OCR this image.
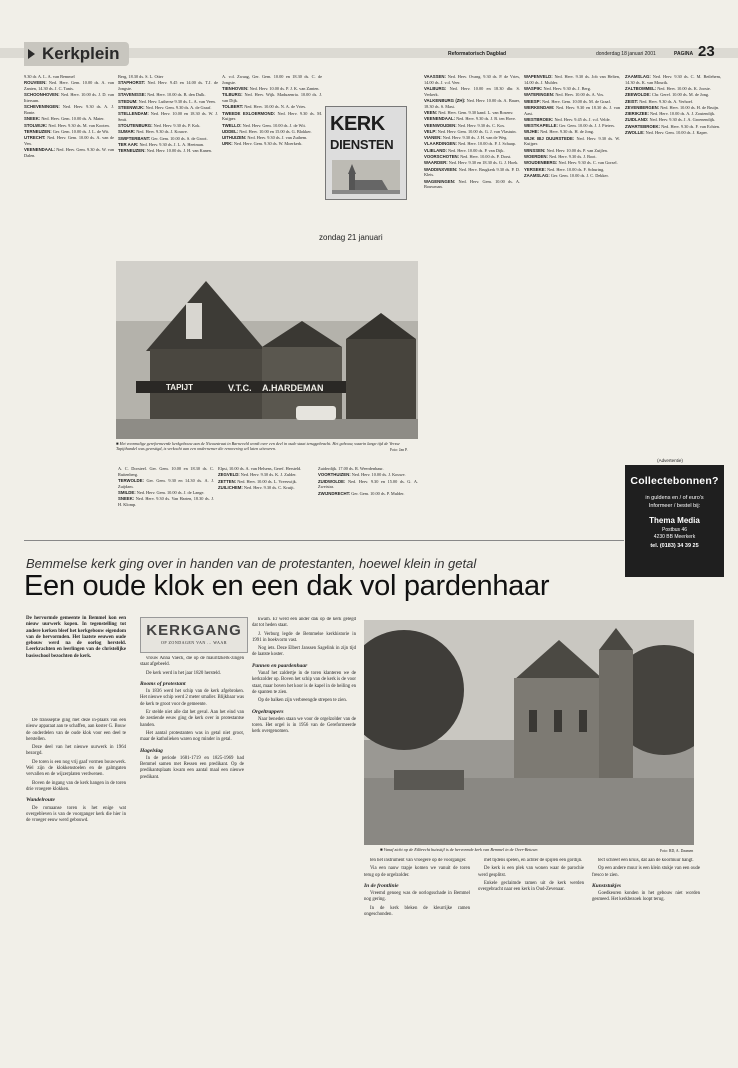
Kerkplein	Reformatorisch Dagblad	donderdag 18 januari 2001	PAGINA 23

9.30 dr. A. L. A. van Bemmel

ROUVEEN: Ned. Herv. Gem. 10.00 ds. A. van Zanten, 14.30 ds. J. C. Tanis.

SCHOONHOVEN: Ned. Herv. 10.00 ds. J. D. van Ittersum.

SCHEVENINGEN: Ned. Herv. 9.30 ds. A. J. Bonte.

SNEEK: Ned. Herv. Gem. 10.00 ds. A. Mater.

STOLWIJK: Ned. Herv. 9.30 ds. M. van Kooten.

TERNEUZEN: Ger. Gem. 10.00 ds. J. L. de Wit.

UTRECHT: Ned. Herv. Gem. 10.00 ds. A. van de Ven.

VEENENDAAL: Ned. Herv. Gem. 9.30 ds. W. van Dalen.

Berg, 18.30 ds. S. L. Otter

STAPHORST: Ned. Herv. 9.45 en 14.00 ds. T.J. de Jongste.

STAVENISSE: Ned. Herv. 10.00 ds. B. den Dulk.

STEDUM: Ned. Herv. Lutherse 9.30 ds. L. A. van Veen.

STEENWIJK: Ned. Herv. Gem. 9.30 ds. A. de Graaf.

STELLENDAM: Ned. Herv. 10.00 en 18.30 ds. W. J. Smit.

STOUTENBURG: Ned. Herv. 9.30 ds. P. Kok.

SUMAR: Ned. Herv. 9.30 ds. J. Kouwe.

SWIFTERBANT: Ger. Gem. 10.00 ds. S. de Groot.

TER AAR: Ned. Herv. 9.30 ds. J. L. A. Heetman.

TERNEUZEN: Ned. Herv. 10.00 ds. J. H. van Kanen.

A. v.d. Zwaag, Ger. Gem. 10.00 en 18.30 ds. C. de Jongste.

TIENHOVEN: Ned. Herv. 10.00 ds. P. J. K. van Zanten.

TILBURG: Ned. Herv. Wijk. Maduzenria. 10.00 ds. J. van Dijk.

TOLBERT: Ned. Herv. 10.00 ds. N. A. de Vries.

TWEEDE EXLOERMOND: Ned. Herv. 9.30 ds. M. Kuijper.

TWELLO: Ned. Herv. Gem. 10.00 ds. J. de Wit.

UDDEL: Ned. Herv. 10.00 en 15.00 ds. G. Blokker.

UITHUIZEN: Ned. Herv. 9.30 ds. J. van Zuthem.

URK: Ned. Herv. Gem. 9.30 ds. W. Moerkerk.

VAASSEN: Ned. Herv. Ovang. 9.30 ds. P. de Vries, 14.00 ds. J. v.d. Veer.

VALBURG: Ned. Herv. 10.00 en 18.30 dhr. S. Verkerk.

VALKENBURG (ZH): Ned. Herv. 10.00 ds. A. Bauer, 18.30 ds. S. Mast.

VEEN: Ned. Herv. Gem. 9.30 kand. L. van Rosenv.

VEENENDAAL: Ned. Herv. 9.30 ds. J. B. ten Hove.

VEENWOUDEN: Ned. Herv. 9.30 ds. C. Kos.

VELP: Ned. Herv. Gem. 10.00 ds. G. J. van Vlastuin.

VIANEN: Ned. Herv. 9.30 ds. J. H. van de Weg.

VLAARDINGEN: Ned. Herv. 10.00 ds. P. J. Schaap.

VLIELAND: Ned. Herv. 10.00 ds. P. van Dijk.

VOORSCHOTEN: Ned. Herv. 10.00 ds. P. Dorst.

WAARDER: Ned. Herv. 9.30 en 18.30 ds. G. J. Hoek.

WADDINXVEEN: Ned. Herv. Brugkerk 9.30 ds. P. D. Kleis.

WAGENINGEN: Ned. Herv. Gem. 10.00 ds. A. Bouwman.

WAPENVELD: Ned. Herv. 9.30 ds. Job van Helten, 14.00 ds. J. Mulder.

WASPIK: Ned. Herv. 9.30 ds. J. Berg.

WATERINGEN: Ned. Herv. 10.00 ds. A. Vos.

WEESP: Ned. Herv. Gem. 10.00 ds. M. de Graaf.

WERKENDAM: Ned. Herv. 9.30 en 18.30 ds. J. van Aast.

WESTBROEK: Ned. Herv. 9.45 ds. J. v.d. Velde.

WESTKAPELLE: Ger. Gem. 10.00 ds. J. J. Pieters.

WIJHE: Ned. Herv. 9.30 ds. H. de Jong.

WIJK BIJ DUURSTEDE: Ned. Herv. 9.30 ds. W. Kuijper.

WINSSEN: Ned. Herv. 10.00 ds. P. van Zuijlen.

WOERDEN: Ned. Herv. 9.30 ds. J. Boot.

WOUDENBERG: Ned. Herv. 9.30 ds. C. van Gorsel.

YERSEKE: Ned. Herv. 10.00 ds. F. Schuring.

ZAAMSLAG: Ger. Gem. 10.00 ds. J. C. Dekker.

ZAAMSLAG: Ned. Herv. 9.30 ds. C. M. Betlehem, 14.30 ds. K. van Mourik.

ZALTBOMMEL: Ned. Herv. 10.00 ds. K. Jooste.

ZEEWOLDE: Chr. Geref. 10.00 ds. M. de Jong.

ZEIST: Ned. Herv. 9.30 ds. A. Verhoef.

ZEVENBERGEN: Ned. Herv. 10.00 ds. H. de Bruijn.

ZIERIKZEE: Ned. Herv. 10.00 ds. A. J. Zoutendijk.

ZUIDLAND: Ned. Herv. 9.30 ds. J. A. Groenendijk.

ZWARTEBROEK: Ned. Herv. 9.30 ds. F. van Echten.

ZWOLLE: Ned. Herv. Gem. 10.00 ds. J. Kaper.

A. C. Dorsteel. Ger. Gem. 10.00 en 18.30 ds. C. Ruitenberg.

TERWOLDE: Ger. Gem. 9.30 en 14.30 ds. A. J. Zuijdam.

SMILDE: Ned. Herv. Gem. 10.00 ds. J. de Lange.

SNEEK: Ned. Herv. 9.30 ds. Van Harten, 18.30 ds. J. H. Klomp.

Elpsi, 10.00 ds. A. van Helsens, Geref. Hersteld.

ZEGVELD: Ned. Herv. 9.30 ds. K. J. Zulder.

ZETTEN: Ned. Herv. 10.00 ds. L. Vreeswijk.

ZUILICHEM: Ned. Herv. 9.30 ds. C. Kruijt.

Zuiderdijk. 17.00 ds. R. Weerdenbaur.

VOORTHUIZEN: Ned. Herv. 10.00 ds. J. Kouwe.

ZUIDWOLDE: Ned. Herv. 9.30 en 15.00 ds. G. A. Zweistra.

ZWIJNDRECHT: Ger. Gem. 10.00 ds. P. Mulder.

KERK
DIENSTEN
zondag 21 januari
TAPIJT	V.T.C. A.HARDEMAN
■ Het voormalige gereformeerde kerkgebouw aan de Nieuwstraat in Barneveld wordt over een deel in oude staat teruggebracht. Het gebouw, waarin lange tijd de Versse Tapijthandel was gevestigd, is verkocht aan een ondernemer die renovering wil laten uitvoeren.	Foto: Jan P.
(Advertentie)
Collectebonnen?
in guldens en / of euro's
Informeer / bestel bij:
Thema Media
Postbus 46
4230 BB Meerkerk
tel. (0183) 34 39 25
Bemmelse kerk ging over in handen van de protestanten, hoewel klein in getal
Een oude klok en een dak vol pardenhaar

De hervormde gemeente in Bemmel kon een nieuw uurwerk kopen. In tegenstelling tot andere kerken bleef het kerkgebouw eigendom van de hervormden. Het laatste eeuwen oude gebouw werd na de oorlog hersteld. Leerkrachten en leerlingen van de christelijke basisschool bezochten de kerk.

De transseptie ging met deze in-plaats van een nieuw apparaat aan te schaffen, aan koster G. Bouw de onderdelen van de oude klok voor een deel te herstellen.

Deze deel van het nieuwe uurwerk in 1964 bezorgd.

De toren is een nog vrij gaaf vormen bouwwerk. Wel zijn de klokkenstoelen en de galmgaten vervallen en de wijzerplaten verdwenen.

Boven de ingang van de kerk hangen in de toren drie vroegere klokken.

Wandelroute

De romaanse toren is het enige wat overgebleven is van de voorganger kerk die hier in de vroeger eeuw werd gebouwd.

KERKGANG
OP ZONDAGEN VAN ... WAAR

vrouw Anna Vaeck, die op de mauritzkerk-zingen staat afgebeeld.

De kerk werd in het jaar 1820 hersteld.

Rooms of protestant

In 1836 werd het schip van de kerk afgebroken. Het nieuwe schip werd 2 meter smaller. Blijkbaar was de kerk te groot voor de gemeente.

Er stelde niet alle dat het geval. Aan het eind van de zestiende eeuw ging de kerk over in protestantse handen.

Het aantal protestanten was in getal niet groot, maar de katholieken waren nog minder in getal.

Hagelslag

In de periode 1681-1719 en 1825-1969 had Bemmel samen met Ressen een predikant. Op de predikantsplaats kwam een aantal maal een nieuwe predikant.

kwam. Er werd een ander dak op de kerk gelegd dat tot heden staat.

J. Verburg legde de Bemmelse kerkhistorie in 1991 in boekvorm vast.

Nog iets. Deze Elbert Janssen Sagelink in zijn tijd de laatste koster.

Pannen en paardenhaar

Vanaf het zaldertje in de toren klanteren we de kerkzolder op. Boven het schip van de kerk is de voor staat, maar boven het koor is de kapel in de heiling en de spanten te zien.

Op de balken zijn verbreengde strepen te zien.

Orgeltrappers

Naar beneden staan we voor de orgelzolder van de toren. Het orgel is in 1956 van de Gereformeerde kerk overgenomen.

■ Vanaf zicht op de Eilbrecht huisstijl is de hervormde kerk van Bemmel in de Over-Betuwe.	Foto: RD, A. Daamen

ten het instrument van vroegere op de voorganger.

Via een nauw trapje komen we vanuit de toren terug op de orgelzolder.

In de frontlinie

Vreemd genoeg was de oorlogsschade in Bemmel nog gering.

In de kerk bleken de kleurrijke ramen ongeschonden.

met tijdens spelen, en achter de spijlen een gordijn.

De kerk is een plek van wonen waar de parochie werd gesplitst.

Enkele geclaimde ramen uit de kerk werden overgebracht naar een kerk in Oud-Zevenaar.

tect schreef een kruis, dat aan de koormuur hangt.

Op een andere muur is een klein stukje van een oude fresco te zien.

Kunststukjes

Goedkeuren konden in het gebouw niet worden gesmeed. Het kerkbezoek loopt terug.
